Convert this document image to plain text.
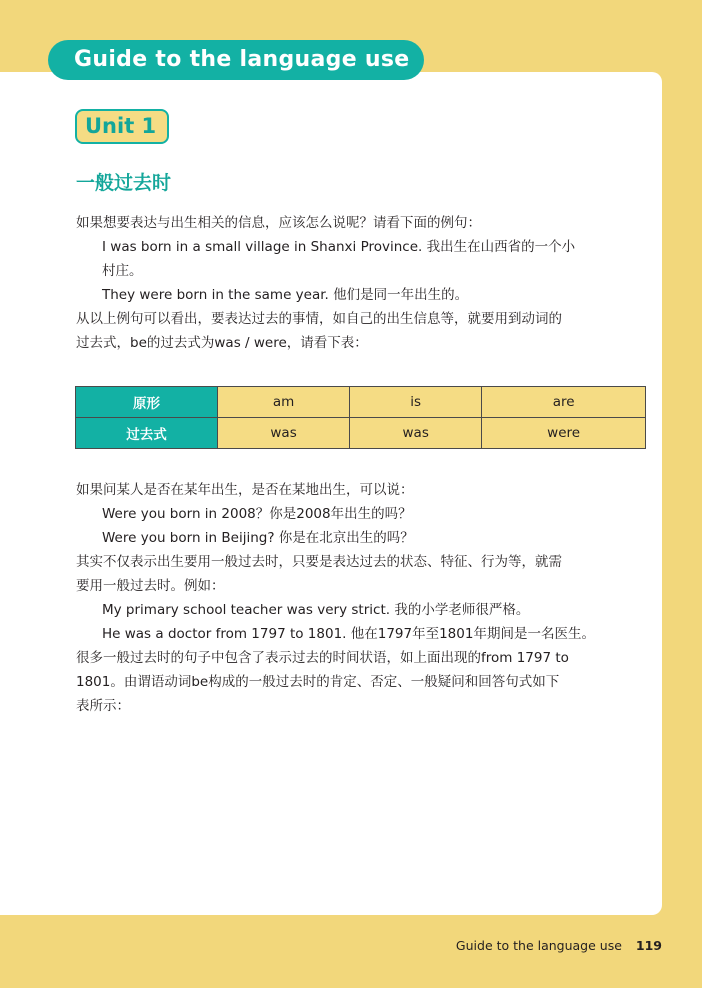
Guide to the language use
Unit 1
一般过去时

如果想要表达与出生相关的信息，应该怎么说呢？请看下面的例句：

I was born in a small village in Shanxi Province. 我出生在山西省的一个小

村庄。

They were born in the same year. 他们是同一年出生的。

从以上例句可以看出，要表达过去的事情，如自己的出生信息等，就要用到动词的

过去式，be的过去式为was / were，请看下表：

原形	am	is	are
过去式	was	was	were

如果问某人是否在某年出生，是否在某地出生，可以说：

Were you born in 2008？你是2008年出生的吗？

Were you born in Beijing? 你是在北京出生的吗？

其实不仅表示出生要用一般过去时，只要是表达过去的状态、特征、行为等，就需

要用一般过去时。例如：

My primary school teacher was very strict. 我的小学老师很严格。

He was a doctor from 1797 to 1801. 他在1797年至1801年期间是一名医生。

很多一般过去时的句子中包含了表示过去的时间状语，如上面出现的from 1797 to

1801。由谓语动词be构成的一般过去时的肯定、否定、一般疑问和回答句式如下

表所示：

Guide to the language use 119
